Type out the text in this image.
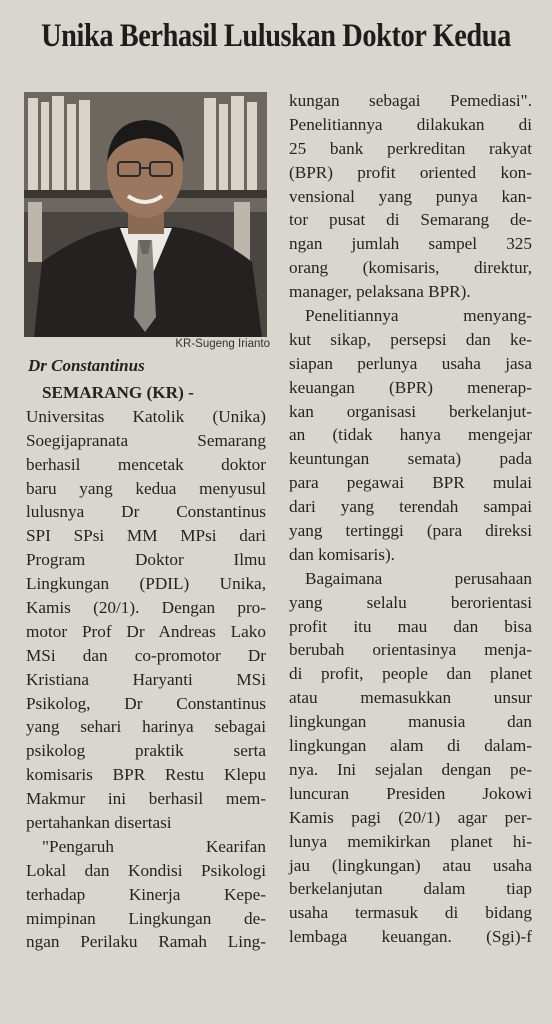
Unika Berhasil Luluskan Doktor Kedua
KR-Sugeng Irianto
Dr Constantinus
SEMARANG (KR) -
Universitas Katolik (Unika)
Soegijapranata Semarang
berhasil mencetak doktor
baru yang kedua menyusul
lulusnya Dr Constantinus
SPI SPsi MM MPsi dari
Program Doktor Ilmu
Lingkungan (PDIL) Unika,
Kamis (20/1). Dengan pro-
motor Prof Dr Andreas Lako
MSi dan co-promotor Dr
Kristiana Haryanti MSi
Psikolog, Dr Constantinus
yang sehari harinya sebagai
psikolog praktik serta
komisaris BPR Restu Klepu
Makmur ini berhasil mem-
pertahankan disertasi
"Pengaruh Kearifan
Lokal dan Kondisi Psikologi
terhadap Kinerja Kepe-
mimpinan Lingkungan de-
ngan Perilaku Ramah Ling-
kungan sebagai Pemediasi".
Penelitiannya dilakukan di
25 bank perkreditan rakyat
(BPR) profit oriented kon-
vensional yang punya kan-
tor pusat di Semarang de-
ngan jumlah sampel 325
orang (komisaris, direktur,
manager, pelaksana BPR).
Penelitiannya menyang-
kut sikap, persepsi dan ke-
siapan perlunya usaha jasa
keuangan (BPR) menerap-
kan organisasi berkelanjut-
an (tidak hanya mengejar
keuntungan semata) pada
para pegawai BPR mulai
dari yang terendah sampai
yang tertinggi (para direksi
dan komisaris).
Bagaimana perusahaan
yang selalu berorientasi
profit itu mau dan bisa
berubah orientasinya menja-
di profit, people dan planet
atau memasukkan unsur
lingkungan manusia dan
lingkungan alam di dalam-
nya. Ini sejalan dengan pe-
luncuran Presiden Jokowi
Kamis pagi (20/1) agar per-
lunya memikirkan planet hi-
jau (lingkungan) atau usaha
berkelanjutan dalam tiap
usaha termasuk di bidang
lembaga keuangan. (Sgi)-f
